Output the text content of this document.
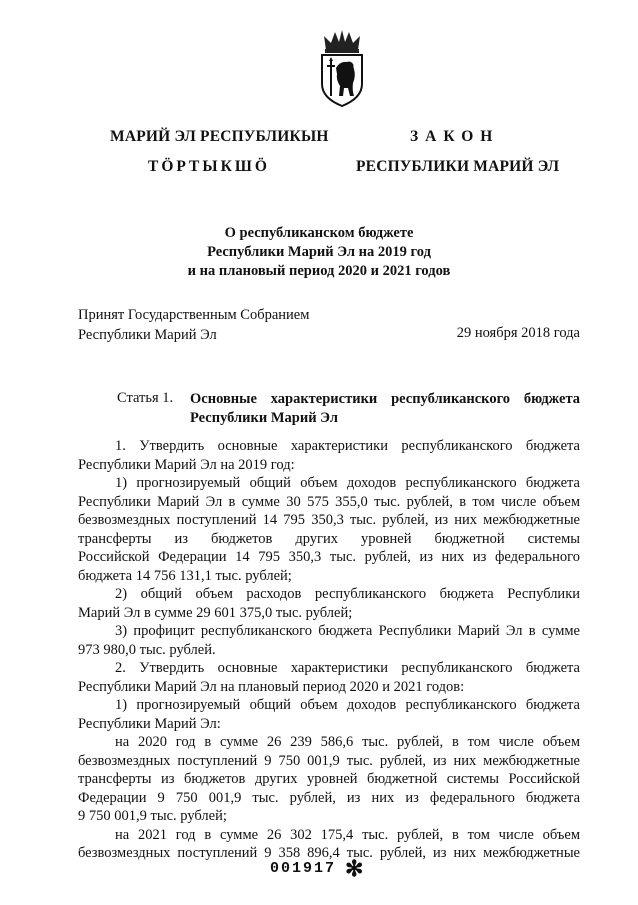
МАРИЙ ЭЛ РЕСПУБЛИКЫН
ТӦРТЫКШӦ
ЗАКОН
РЕСПУБЛИКИ МАРИЙ ЭЛ
О республиканском бюджете
Республики Марий Эл на 2019 год
и на плановый период 2020 и 2021 годов
Принят Государственным Собранием
Республики Марий Эл	29 ноября 2018 года
Статья 1. Основные характеристики республиканского бюджета Республики Марий Эл
1. Утвердить основные характеристики республиканского бюджета
Республики Марий Эл на 2019 год:
1) прогнозируемый общий объем доходов республиканского бюджета
Республики Марий Эл в сумме 30 575 355,0 тыс. рублей, в том числе объем
безвозмездных поступлений 14 795 350,3 тыс. рублей, из них межбюджетные
трансферты из бюджетов других уровней бюджетной системы
Российской Федерации 14 795 350,3 тыс. рублей, из них из федерального
бюджета 14 756 131,1 тыс. рублей;
2) общий объем расходов республиканского бюджета Республики
Марий Эл в сумме 29 601 375,0 тыс. рублей;
3) профицит республиканского бюджета Республики Марий Эл в сумме
973 980,0 тыс. рублей.
2. Утвердить основные характеристики республиканского бюджета
Республики Марий Эл на плановый период 2020 и 2021 годов:
1) прогнозируемый общий объем доходов республиканского бюджета
Республики Марий Эл:
на 2020 год в сумме 26 239 586,6 тыс. рублей, в том числе объем
безвозмездных поступлений 9 750 001,9 тыс. рублей, из них межбюджетные
трансферты из бюджетов других уровней бюджетной системы Российской
Федерации 9 750 001,9 тыс. рублей, из них из федерального бюджета
9 750 001,9 тыс. рублей;
на 2021 год в сумме 26 302 175,4 тыс. рублей, в том числе объем
безвозмездных поступлений 9 358 896,4 тыс. рублей, из них межбюджетные
001917 ✻
